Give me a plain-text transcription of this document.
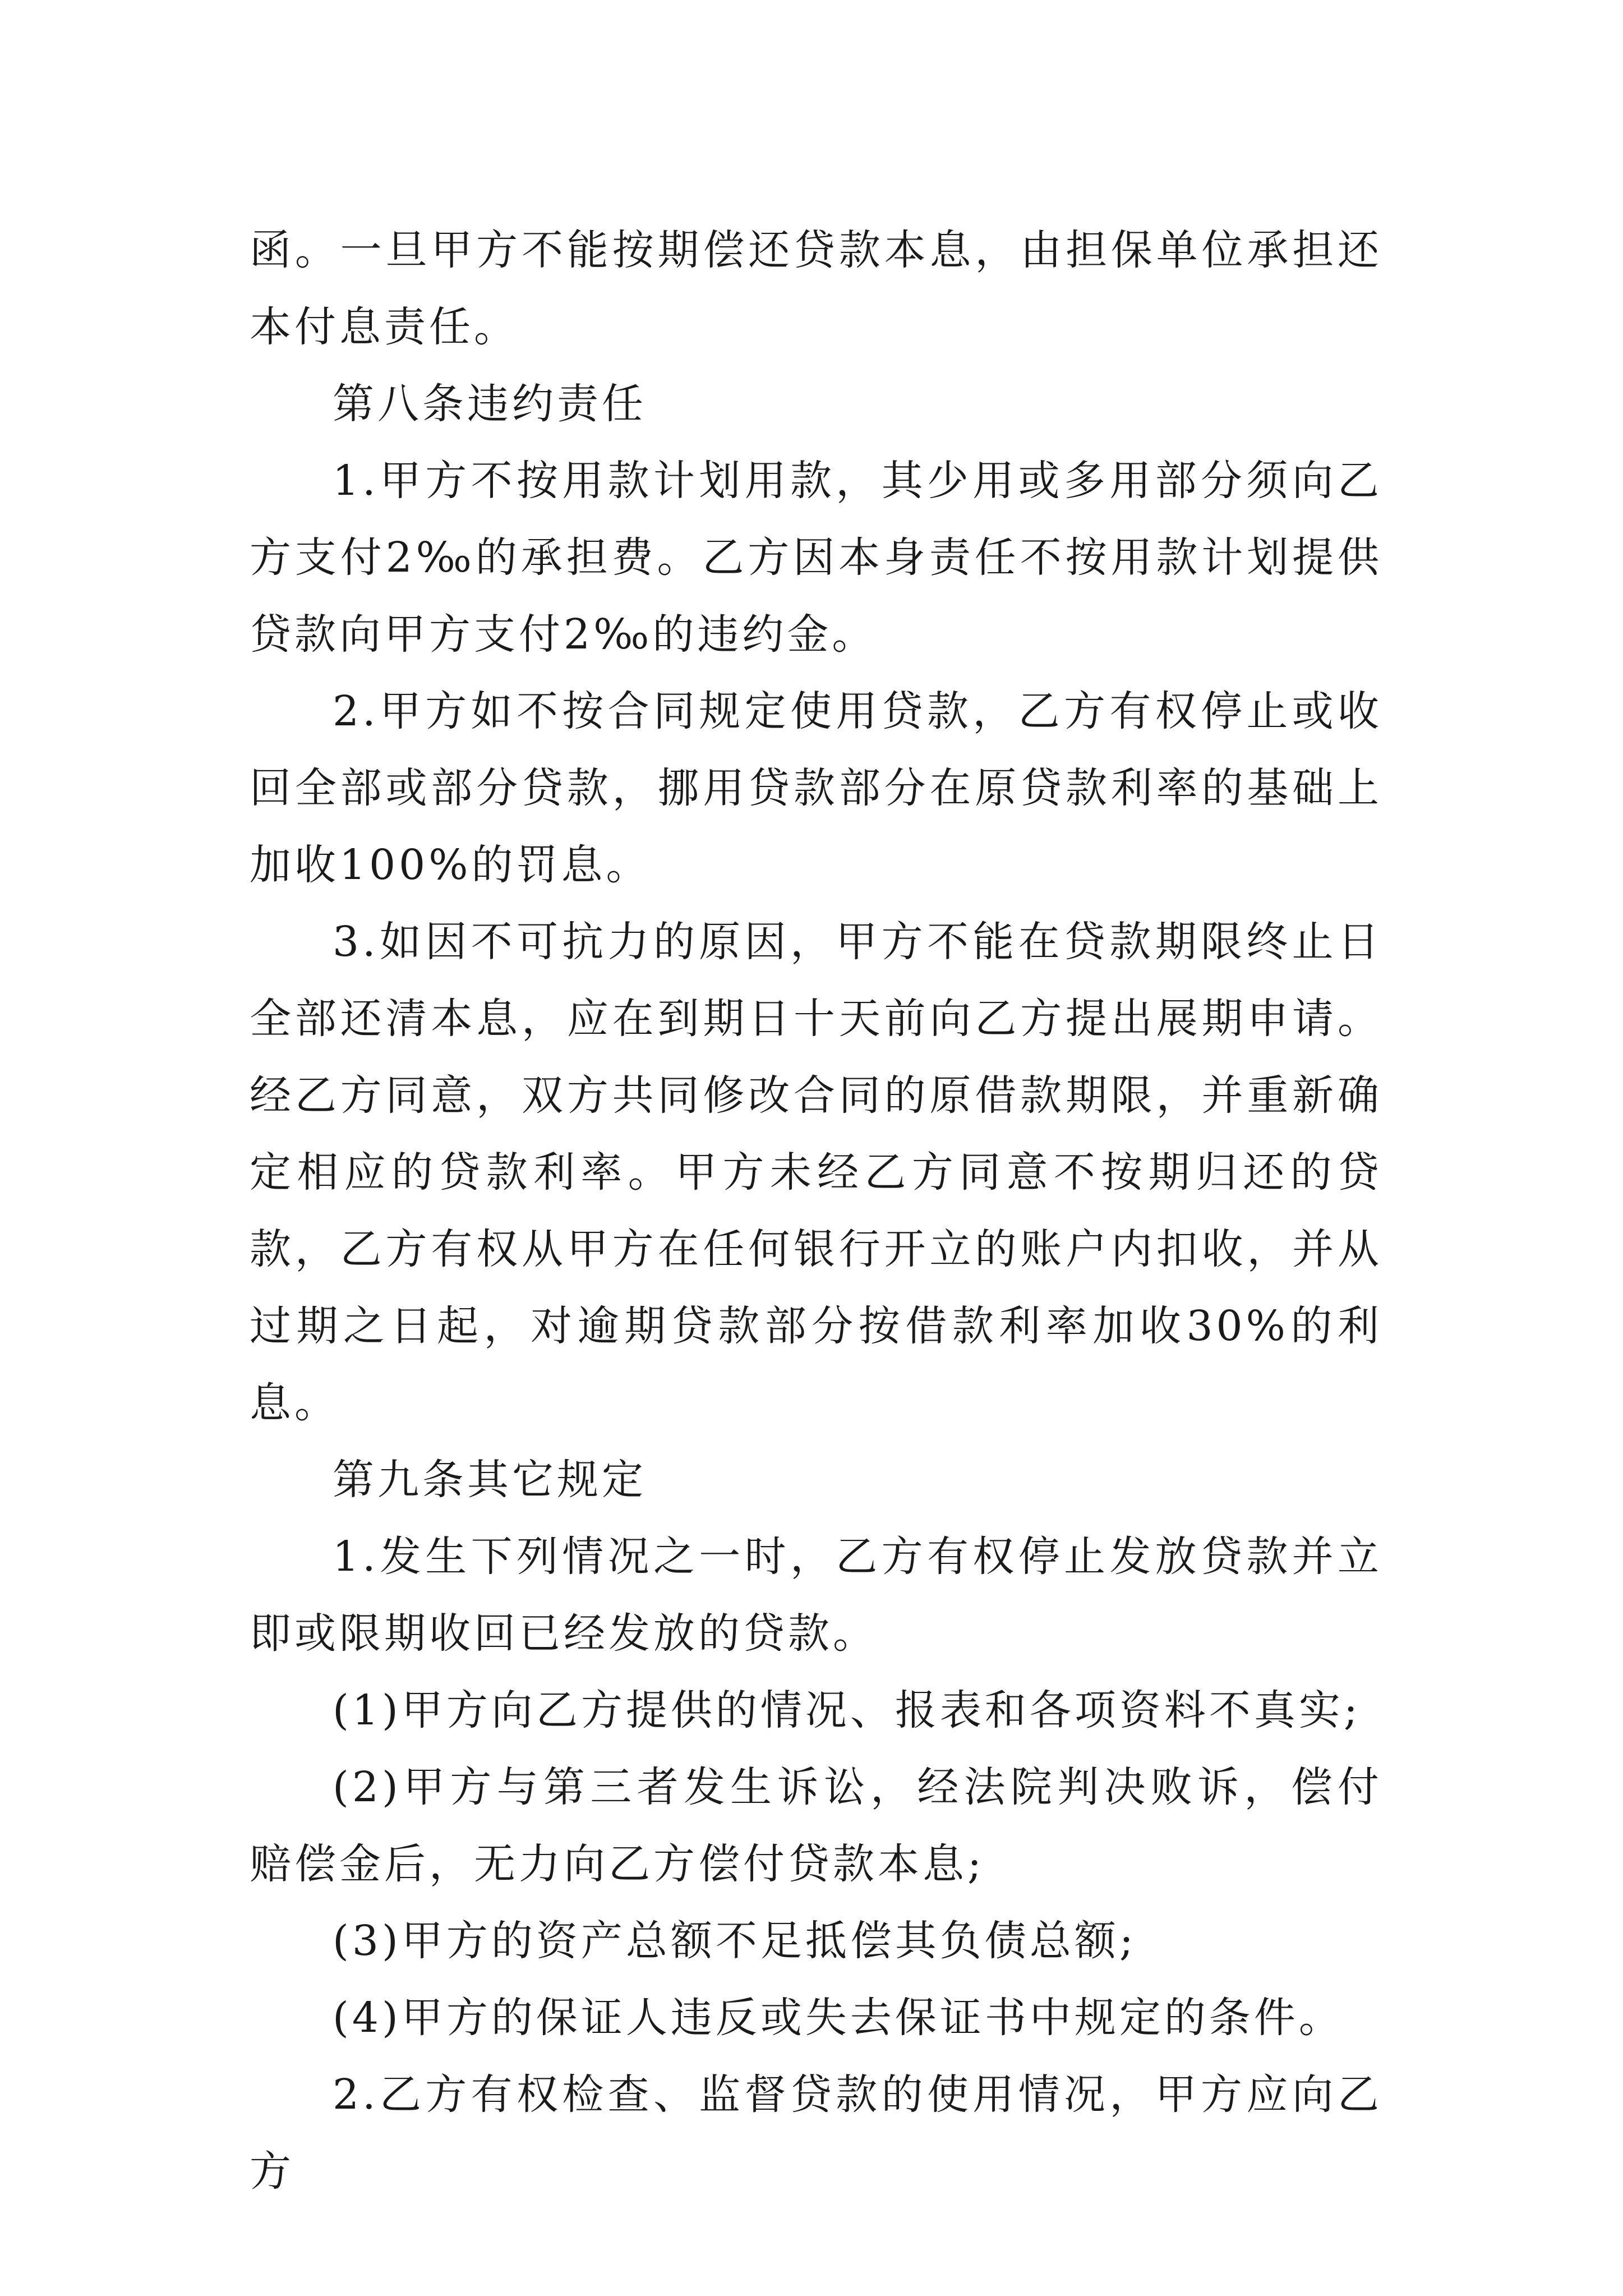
函。一旦甲方不能按期偿还贷款本息，由担保单位承担还本付息责任。

第八条违约责任

1.甲方不按用款计划用款，其少用或多用部分须向乙方支付2‰的承担费。乙方因本身责任不按用款计划提供贷款向甲方支付2‰的违约金。

2.甲方如不按合同规定使用贷款，乙方有权停止或收回全部或部分贷款，挪用贷款部分在原贷款利率的基础上加收100%的罚息。

3.如因不可抗力的原因，甲方不能在贷款期限终止日全部还清本息，应在到期日十天前向乙方提出展期申请。经乙方同意，双方共同修改合同的原借款期限，并重新确定相应的贷款利率。甲方未经乙方同意不按期归还的贷款，乙方有权从甲方在任何银行开立的账户内扣收，并从过期之日起，对逾期贷款部分按借款利率加收30%的利息。

第九条其它规定

1.发生下列情况之一时，乙方有权停止发放贷款并立即或限期收回已经发放的贷款。

(1)甲方向乙方提供的情况、报表和各项资料不真实;

(2)甲方与第三者发生诉讼，经法院判决败诉，偿付赔偿金后，无力向乙方偿付贷款本息;

(3)甲方的资产总额不足抵偿其负债总额;

(4)甲方的保证人违反或失去保证书中规定的条件。

2.乙方有权检查、监督贷款的使用情况，甲方应向乙方
